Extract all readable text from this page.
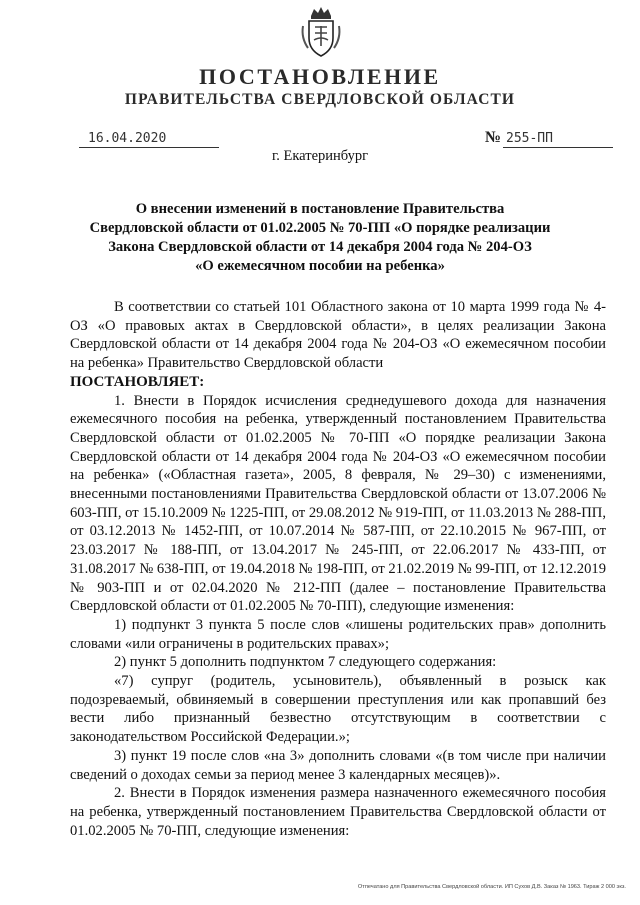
ПОСТАНОВЛЕНИЕ
ПРАВИТЕЛЬСТВА СВЕРДЛОВСКОЙ ОБЛАСТИ
16.04.2020	№ 255-ПП
г. Екатеринбург
О внесении изменений в постановление Правительства
Свердловской области от 01.02.2005 № 70-ПП «О порядке реализации
Закона Свердловской области от 14 декабря 2004 года № 204-ОЗ
«О ежемесячном пособии на ребенка»

В соответствии со статьей 101 Областного закона от 10 марта 1999 года № 4-ОЗ «О правовых актах в Свердловской области», в целях реализации Закона Свердловской области от 14 декабря 2004 года № 204-ОЗ «О ежемесячном пособии на ребенка» Правительство Свердловской области

ПОСТАНОВЛЯЕТ:

1. Внести в Порядок исчисления среднедушевого дохода для назначения ежемесячного пособия на ребенка, утвержденный постановлением Правительства Свердловской области от 01.02.2005 № 70-ПП «О порядке реализации Закона Свердловской области от 14 декабря 2004 года № 204-ОЗ «О ежемесячном пособии на ребенка» («Областная газета», 2005, 8 февраля, № 29–30) с изменениями, внесенными постановлениями Правительства Свердловской области от 13.07.2006 № 603-ПП, от 15.10.2009 № 1225-ПП, от 29.08.2012 № 919-ПП, от 11.03.2013 № 288-ПП, от 03.12.2013 № 1452-ПП, от 10.07.2014 № 587-ПП, от 22.10.2015 № 967-ПП, от 23.03.2017 № 188-ПП, от 13.04.2017 № 245-ПП, от 22.06.2017 № 433-ПП, от 31.08.2017 № 638-ПП, от 19.04.2018 № 198-ПП, от 21.02.2019 № 99-ПП, от 12.12.2019 № 903-ПП и от 02.04.2020 № 212-ПП (далее – постановление Правительства Свердловской области от 01.02.2005 № 70-ПП), следующие изменения:

1) подпункт 3 пункта 5 после слов «лишены родительских прав» дополнить словами «или ограничены в родительских правах»;

2) пункт 5 дополнить подпунктом 7 следующего содержания:

«7) супруг (родитель, усыновитель), объявленный в розыск как подозреваемый, обвиняемый в совершении преступления или как пропавший без вести либо признанный безвестно отсутствующим в соответствии с законодательством Российской Федерации.»;

3) пункт 19 после слов «на 3» дополнить словами «(в том числе при наличии сведений о доходах семьи за период менее 3 календарных месяцев)».

2. Внести в Порядок изменения размера назначенного ежемесячного пособия на ребенка, утвержденный постановлением Правительства Свердловской области от 01.02.2005 № 70-ПП, следующие изменения:

Отпечатано для Правительства Свердловской области. ИП Сухов Д.В. Заказ № 1963. Тираж 2 000 экз.
